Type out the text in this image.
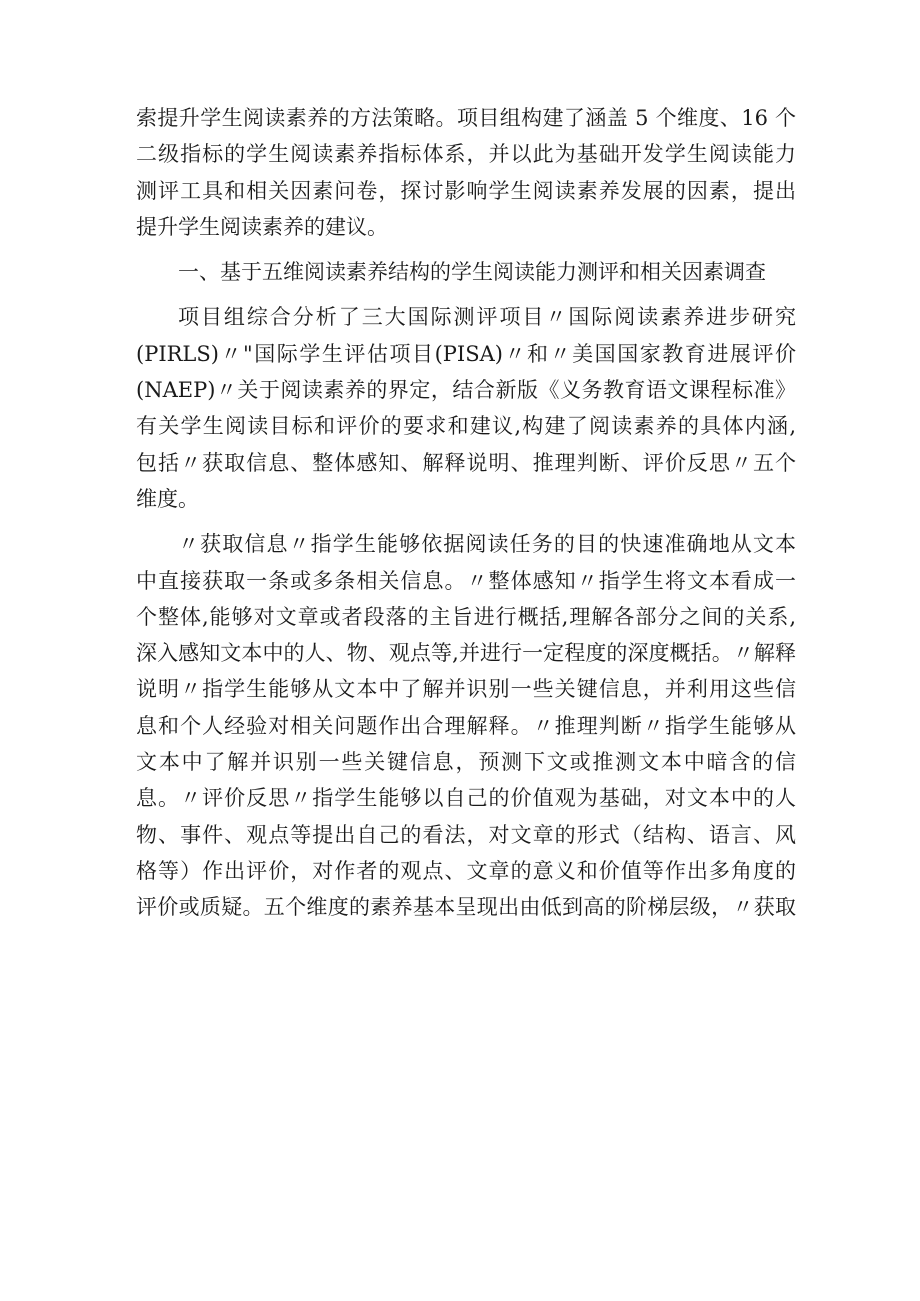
索提升学生阅读素养的方法策略。项目组构建了涵盖 5 个维度、16 个
二级指标的学生阅读素养指标体系，并以此为基础开发学生阅读能力
测评工具和相关因素问卷，探讨影响学生阅读素养发展的因素，提出
提升学生阅读素养的建议。
一、基于五维阅读素养结构的学生阅读能力测评和相关因素调查
项目组综合分析了三大国际测评项目〃国际阅读素养进步研究
(PIRLS)〃"国际学生评估项目(PISA)〃和〃美国国家教育进展评价
(NAEP)〃关于阅读素养的界定，结合新版《义务教育语文课程标准》
有关学生阅读目标和评价的要求和建议,构建了阅读素养的具体内涵,
包括〃获取信息、整体感知、解释说明、推理判断、评价反思〃五个
维度。
〃获取信息〃指学生能够依据阅读任务的目的快速准确地从文本
中直接获取一条或多条相关信息。〃整体感知〃指学生将文本看成一
个整体,能够对文章或者段落的主旨进行概括,理解各部分之间的关系,
深入感知文本中的人、物、观点等,并进行一定程度的深度概括。〃解释
说明〃指学生能够从文本中了解并识别一些关键信息，并利用这些信
息和个人经验对相关问题作出合理解释。〃推理判断〃指学生能够从
文本中了解并识别一些关键信息，预测下文或推测文本中暗含的信
息。〃评价反思〃指学生能够以自己的价值观为基础，对文本中的人
物、事件、观点等提出自己的看法，对文章的形式（结构、语言、风
格等）作出评价，对作者的观点、文章的意义和价值等作出多角度的
评价或质疑。五个维度的素养基本呈现出由低到高的阶梯层级，〃获取
